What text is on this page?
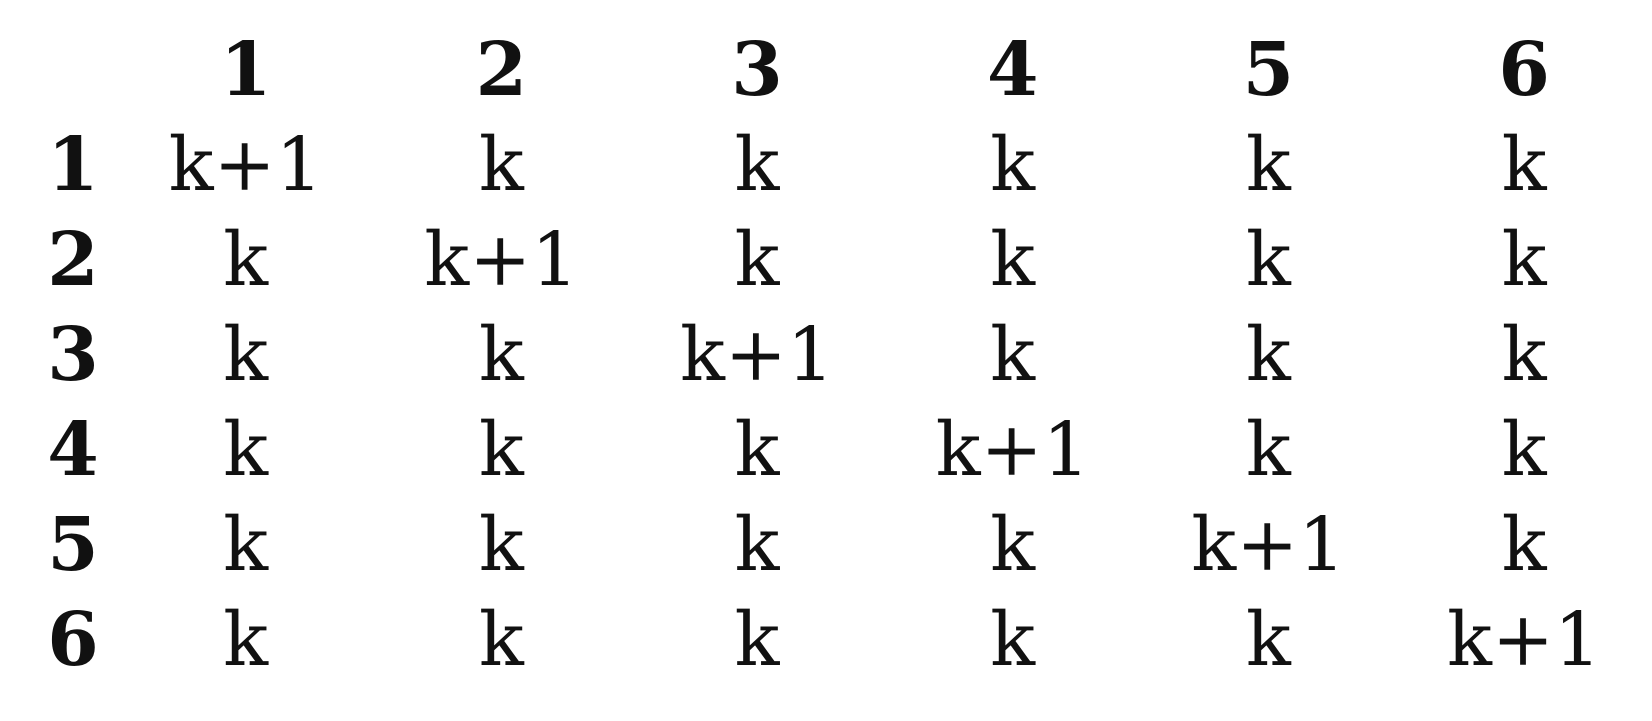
	1	2	3	4	5	6
1	k+1	k	k	k	k	k
2	k	k+1	k	k	k	k
3	k	k	k+1	k	k	k
4	k	k	k	k+1	k	k
5	k	k	k	k	k+1	k
6	k	k	k	k	k	k+1
